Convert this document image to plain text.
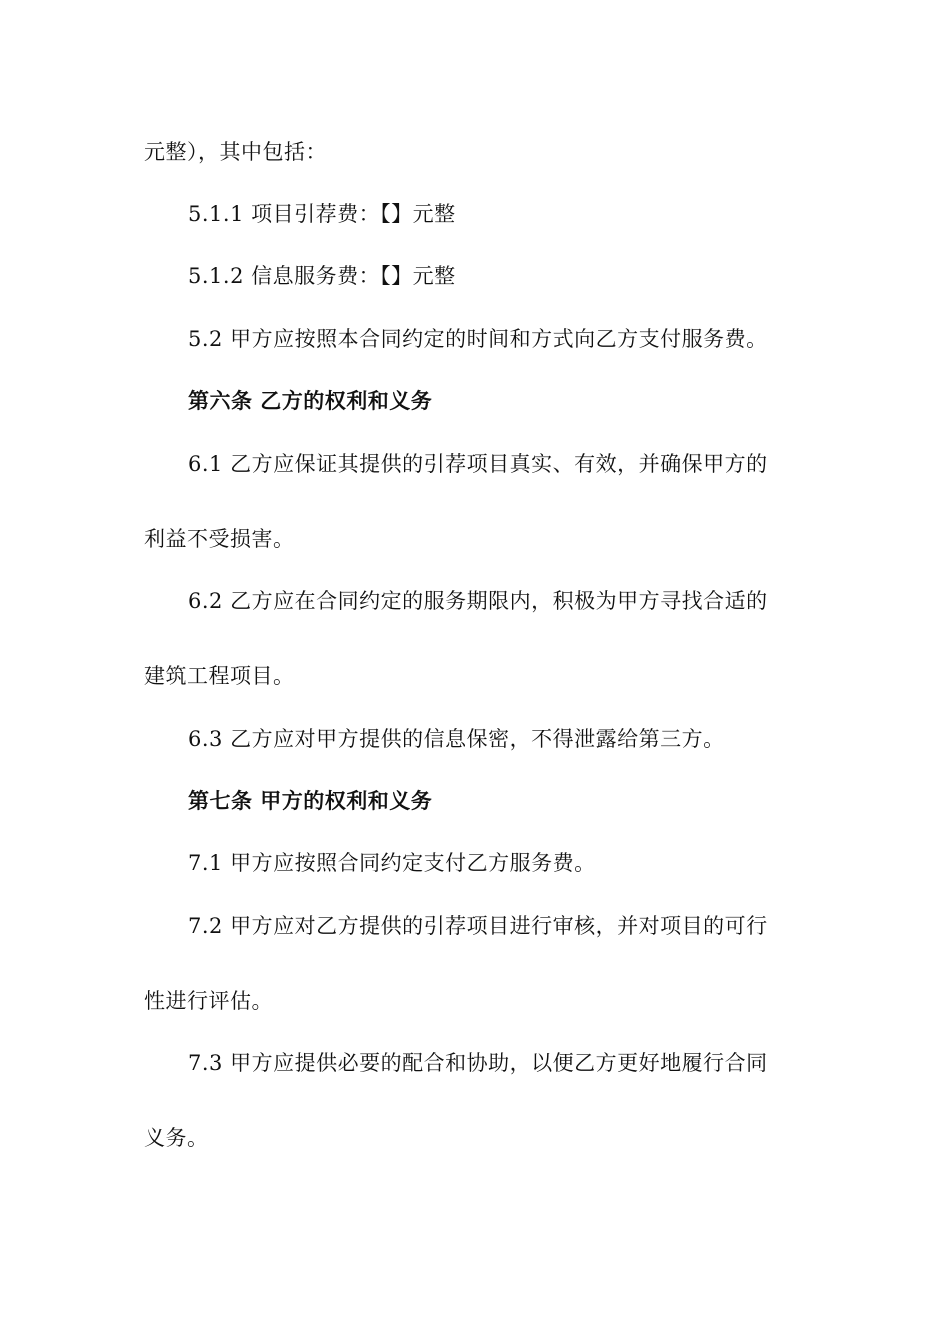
元整），其中包括：
5.1.1 项目引荐费：【】元整
5.1.2 信息服务费：【】元整
5.2 甲方应按照本合同约定的时间和方式向乙方支付服务费。
第六条 乙方的权利和义务
6.1 乙方应保证其提供的引荐项目真实、有效，并确保甲方的
利益不受损害。
6.2 乙方应在合同约定的服务期限内，积极为甲方寻找合适的
建筑工程项目。
6.3 乙方应对甲方提供的信息保密，不得泄露给第三方。
第七条 甲方的权利和义务
7.1 甲方应按照合同约定支付乙方服务费。
7.2 甲方应对乙方提供的引荐项目进行审核，并对项目的可行
性进行评估。
7.3 甲方应提供必要的配合和协助，以便乙方更好地履行合同
义务。
